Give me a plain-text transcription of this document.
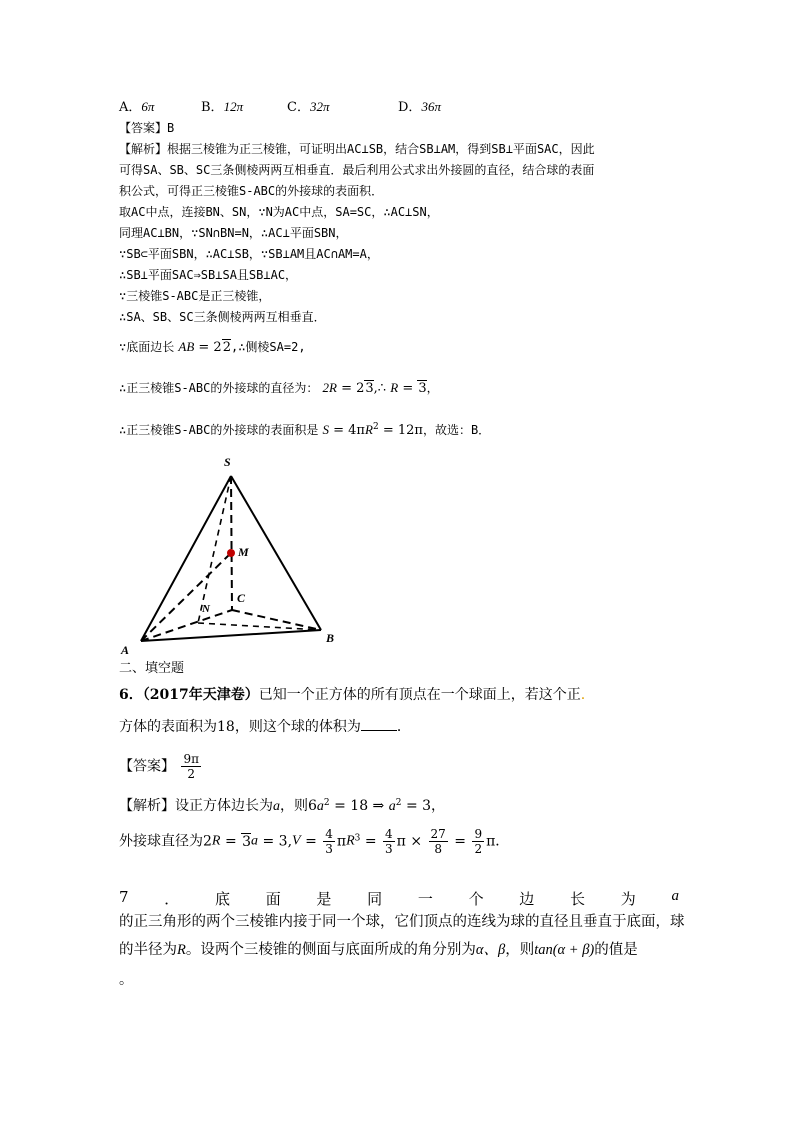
A．6π	B．12π	C．32π	D．36π
【答案】B
【解析】根据三棱锥为正三棱锥，可证明出AC⊥SB，结合SB⊥AM，得到SB⊥平面SAC，因此
可得SA、SB、SC三条侧棱两两互相垂直．最后利用公式求出外接圆的直径，结合球的表面
积公式，可得正三棱锥S-ABC的外接球的表面积．
取AC中点，连接BN、SN，∵N为AC中点，SA=SC，∴AC⊥SN，
同理AC⊥BN，∵SN∩BN=N，∴AC⊥平面SBN，
∵SB⊂平面SBN，∴AC⊥SB，∵SB⊥AM且AC∩AM=A，
∴SB⊥平面SAC⇒SB⊥SA且SB⊥AC，
∵三棱锥S-ABC是正三棱锥，
∴SA、SB、SC三条侧棱两两互相垂直．
∵底面边长 AB = 22,∴侧棱SA=2,
∴正三棱锥S-ABC的外接球的直径为： 2R = 23,∴ R = 3，
∴正三棱锥S-ABC的外接球的表面积是 $S = 4\pi R^2 = 12\pi$，故选：B．
S
M
C
N
A
B
二、填空题
6．（2017年天津卷）已知一个正方体的所有顶点在一个球面上，若这个正.
方体的表面积为18，则这个球的体积为	．
【答案】 $\frac{9\pi}{2}$
【解析】设正方体边长为a，则$6a^2 = 18$ ⇒ $a^2 = 3$，
外接球直径为$2R = 3a = 3,V = \frac{4}{3} \pi R^3 = \frac{4}{3}$ $\pi \times \frac{27}{8} = \frac{9}{2}$ π．
7 ． 底 面 是 同 一 个 边 长 为 a
的正三角形的两个三棱锥内接于同一个球，它们顶点的连线为球的直径且垂直于底面，球
的半径为R。设两个三棱锥的侧面与底面所成的角分别为α、β，则tan(α + β)的值是
。
